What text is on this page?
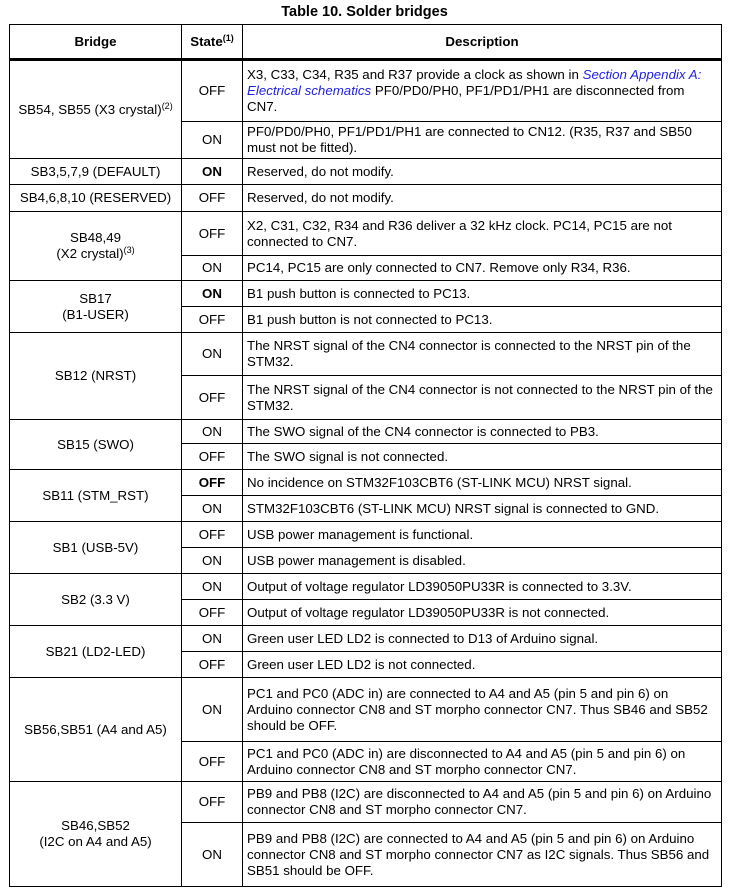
Table 10. Solder bridges
Bridge	State$^{(1)}$	Description
SB54, SB55 (X3 crystal)$^{(2)}$	OFF	X3, C33, C34, R35 and R37 provide a clock as shown in Section Appendix A: Electrical schematics PF0/PD0/PH0, PF1/PD1/PH1 are disconnected from CN7.
	ON	PF0/PD0/PH0, PF1/PD1/PH1 are connected to CN12. (R35, R37 and SB50 must not be fitted).
SB3,5,7,9 (DEFAULT)	ON	Reserved, do not modify.
SB4,6,8,10 (RESERVED)	OFF	Reserved, do not modify.
SB48,49
(X2 crystal)$^{(3)}$	OFF	X2, C31, C32, R34 and R36 deliver a 32 kHz clock. PC14, PC15 are not connected to CN7.
	ON	PC14, PC15 are only connected to CN7. Remove only R34, R36.
SB17
(B1-USER)	ON	B1 push button is connected to PC13.
	OFF	B1 push button is not connected to PC13.
SB12 (NRST)	ON	The NRST signal of the CN4 connector is connected to the NRST pin of the STM32.
	OFF	The NRST signal of the CN4 connector is not connected to the NRST pin of the STM32.
SB15 (SWO)	ON	The SWO signal of the CN4 connector is connected to PB3.
	OFF	The SWO signal is not connected.
SB11 (STM_RST)	OFF	No incidence on STM32F103CBT6 (ST-LINK MCU) NRST signal.
	ON	STM32F103CBT6 (ST-LINK MCU) NRST signal is connected to GND.
SB1 (USB-5V)	OFF	USB power management is functional.
	ON	USB power management is disabled.
SB2 (3.3 V)	ON	Output of voltage regulator LD39050PU33R is connected to 3.3V.
	OFF	Output of voltage regulator LD39050PU33R is not connected.
SB21 (LD2-LED)	ON	Green user LED LD2 is connected to D13 of Arduino signal.
	OFF	Green user LED LD2 is not connected.
SB56,SB51 (A4 and A5)	ON	PC1 and PC0 (ADC in) are connected to A4 and A5 (pin 5 and pin 6) on Arduino connector CN8 and ST morpho connector CN7. Thus SB46 and SB52 should be OFF.
	OFF	PC1 and PC0 (ADC in) are disconnected to A4 and A5 (pin 5 and pin 6) on Arduino connector CN8 and ST morpho connector CN7.
SB46,SB52
(I2C on A4 and A5)	OFF	PB9 and PB8 (I2C) are disconnected to A4 and A5 (pin 5 and pin 6) on Arduino connector CN8 and ST morpho connector CN7.
	ON	PB9 and PB8 (I2C) are connected to A4 and A5 (pin 5 and pin 6) on Arduino connector CN8 and ST morpho connector CN7 as I2C signals. Thus SB56 and SB51 should be OFF.
